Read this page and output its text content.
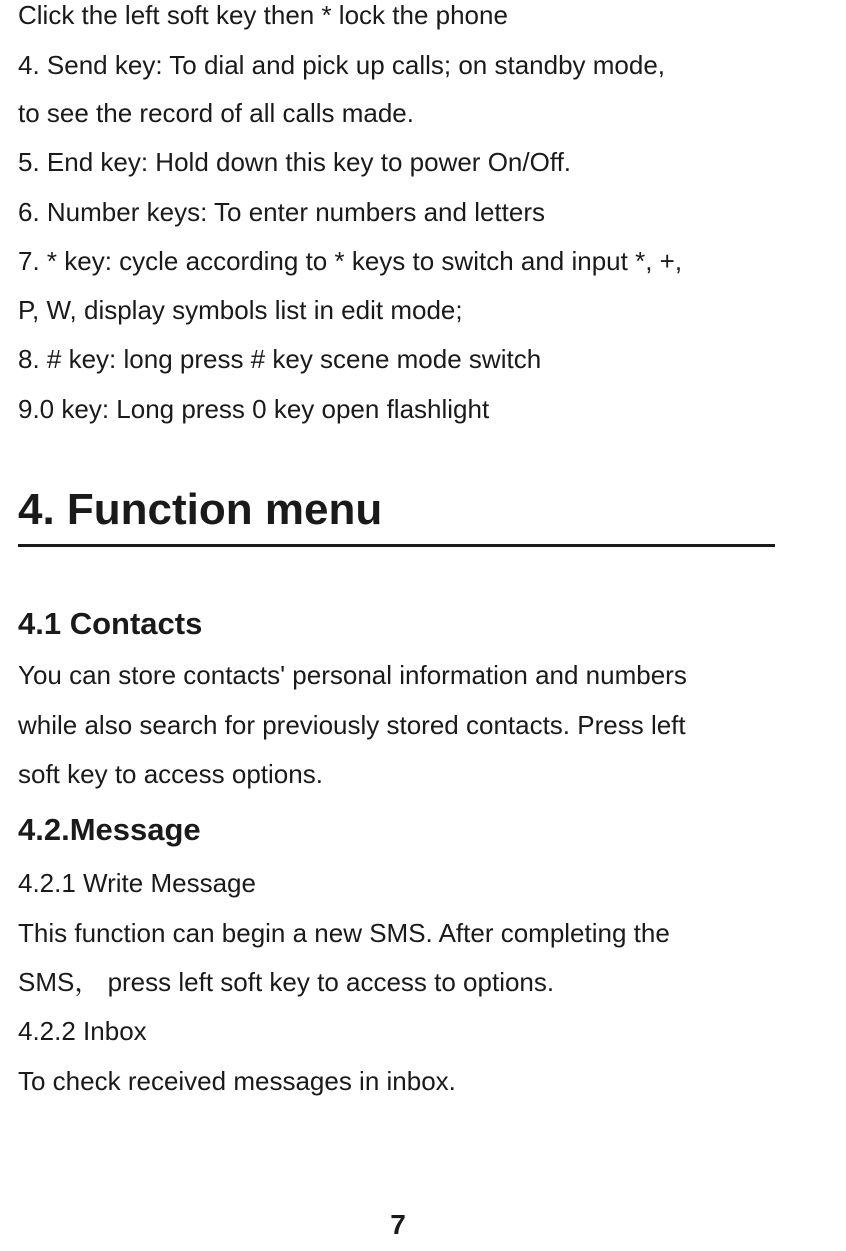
Click the left soft key then * lock the phone
4. Send key: To dial and pick up calls; on standby mode,
to see the record of all calls made.
5. End key: Hold down this key to power On/Off.
6. Number keys: To enter numbers and letters
7. * key: cycle according to * keys to switch and input *, +,
P, W, display symbols list in edit mode;
8. # key: long press # key scene mode switch
9.0 key: Long press 0 key open flashlight
4. Function menu
4.1 Contacts
You can store contacts' personal information and numbers
while also search for previously stored contacts. Press left
soft key to access options.
4.2.Message
4.2.1 Write Message
This function can begin a new SMS. After completing the
SMS， press left soft key to access to options.
4.2.2 Inbox
To check received messages in inbox.
7
